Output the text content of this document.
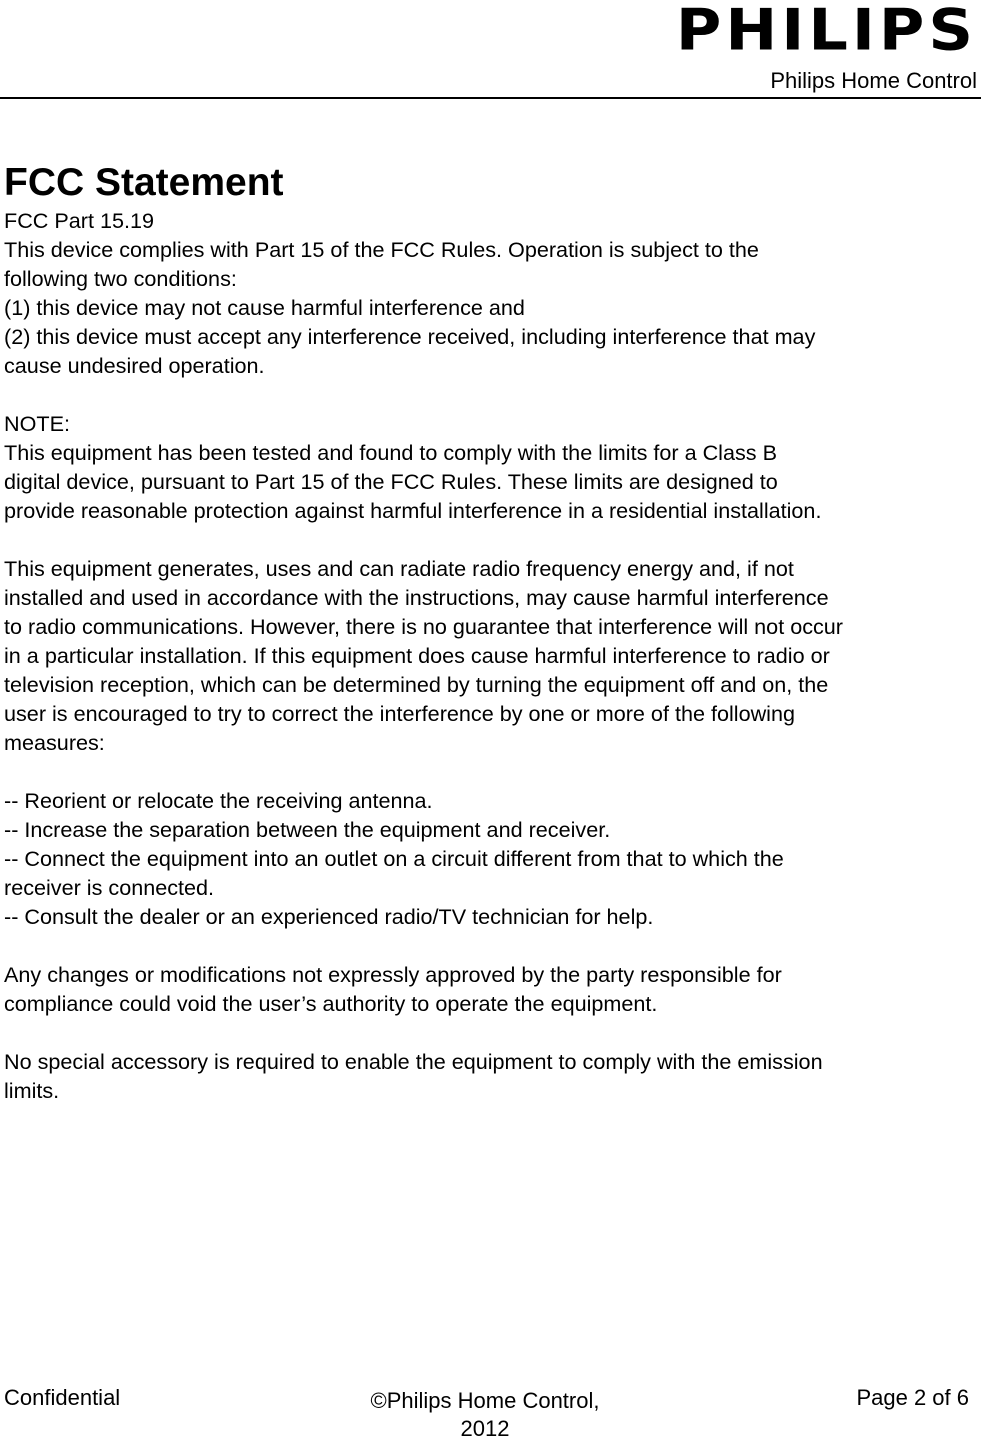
PHILIPS
Philips Home Control
FCC Statement

FCC Part 15.19

This device complies with Part 15 of the FCC Rules. Operation is subject to the

following two conditions:

(1) this device may not cause harmful interference and

(2) this device must accept any interference received, including interference that may

cause undesired operation.

NOTE:

This equipment has been tested and found to comply with the limits for a Class B

digital device, pursuant to Part 15 of the FCC Rules. These limits are designed to

provide reasonable protection against harmful interference in a residential installation.

This equipment generates, uses and can radiate radio frequency energy and, if not

installed and used in accordance with the instructions, may cause harmful interference

to radio communications. However, there is no guarantee that interference will not occur

in a particular installation. If this equipment does cause harmful interference to radio or

television reception, which can be determined by turning the equipment off and on, the

user is encouraged to try to correct the interference by one or more of the following

measures:

-- Reorient or relocate the receiving antenna.

-- Increase the separation between the equipment and receiver.

-- Connect the equipment into an outlet on a circuit different from that to which the

receiver is connected.

-- Consult the dealer or an experienced radio/TV technician for help.

Any changes or modifications not expressly approved by the party responsible for

compliance could void the user’s authority to operate the equipment.

No special accessory is required to enable the equipment to comply with the emission

limits.

Confidential	©Philips Home Control,
2012
Page 2 of 6
